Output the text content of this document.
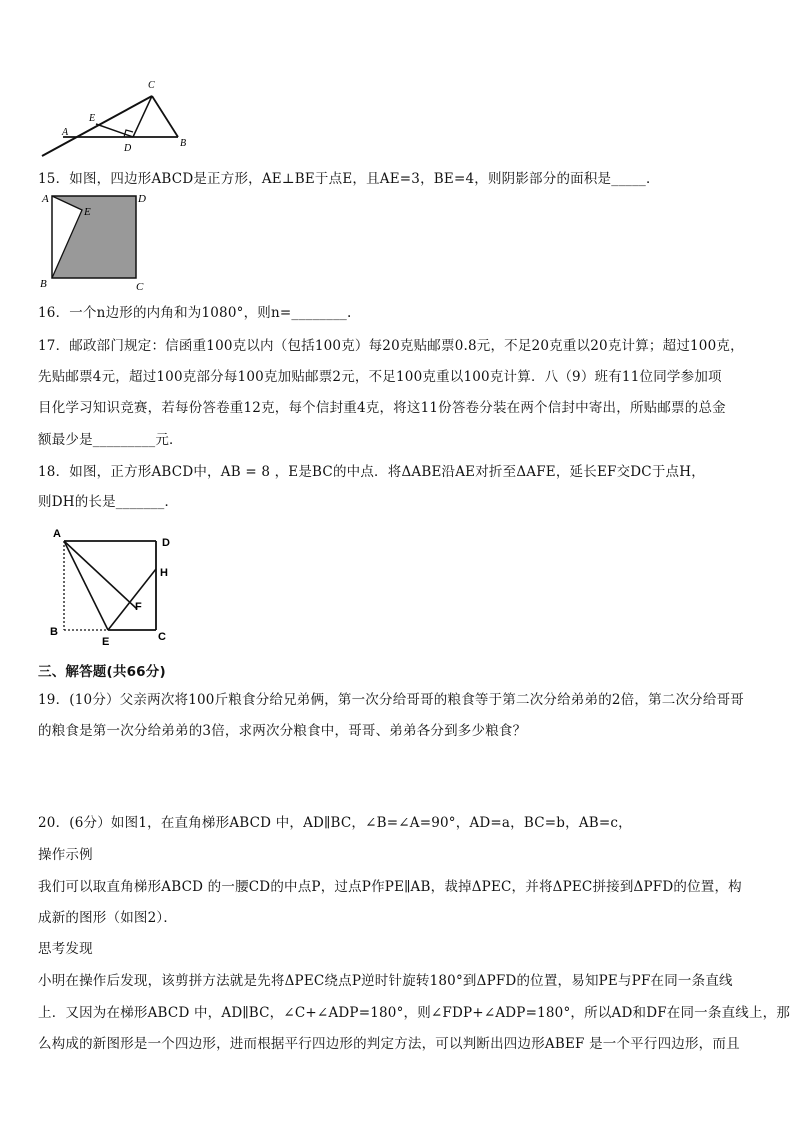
A
E
D
C
B
15．如图，四边形ABCD是正方形，AE⊥BE于点E，且AE=3，BE=4，则阴影部分的面积是_____．
A
E
D
B	C
16．一个n边形的内角和为1080°，则n=________.
17．邮政部门规定：信函重100克以内（包括100克）每20克贴邮票0.8元，不足20克重以20克计算；超过100克，
先贴邮票4元，超过100克部分每100克加贴邮票2元，不足100克重以100克计算．八（9）班有11位同学参加项
目化学习知识竞赛，若每份答卷重12克，每个信封重4克，将这11份答卷分装在两个信封中寄出，所贴邮票的总金
额最少是_________元．
18．如图，正方形ABCD中，AB = 8 ，E是BC的中点．将ΔABE沿AE对折至ΔAFE，延长EF交DC于点H，
则DH的长是_______．
A
D
H
F
B
E	C
三、解答题(共66分)
19．(10分）父亲两次将100斤粮食分给兄弟俩，第一次分给哥哥的粮食等于第二次分给弟弟的2倍，第二次分给哥哥
的粮食是第一次分给弟弟的3倍，求两次分粮食中，哥哥、弟弟各分到多少粮食？
20．(6分）如图1，在直角梯形ABCD 中，AD∥BC，∠B=∠A=90°，AD=a，BC=b，AB=c，
操作示例
我们可以取直角梯形ABCD 的一腰CD的中点P，过点P作PE∥AB，裁掉ΔPEC，并将ΔPEC拼接到ΔPFD的位置，构
成新的图形（如图2）．
思考发现
小明在操作后发现，该剪拼方法就是先将ΔPEC绕点P逆时针旋转180°到ΔPFD的位置，易知PE与PF在同一条直线
上．又因为在梯形ABCD 中，AD∥BC，∠C+∠ADP=180°，则∠FDP+∠ADP=180°，所以AD和DF在同一条直线上，那
么构成的新图形是一个四边形，进而根据平行四边形的判定方法，可以判断出四边形ABEF 是一个平行四边形，而且
